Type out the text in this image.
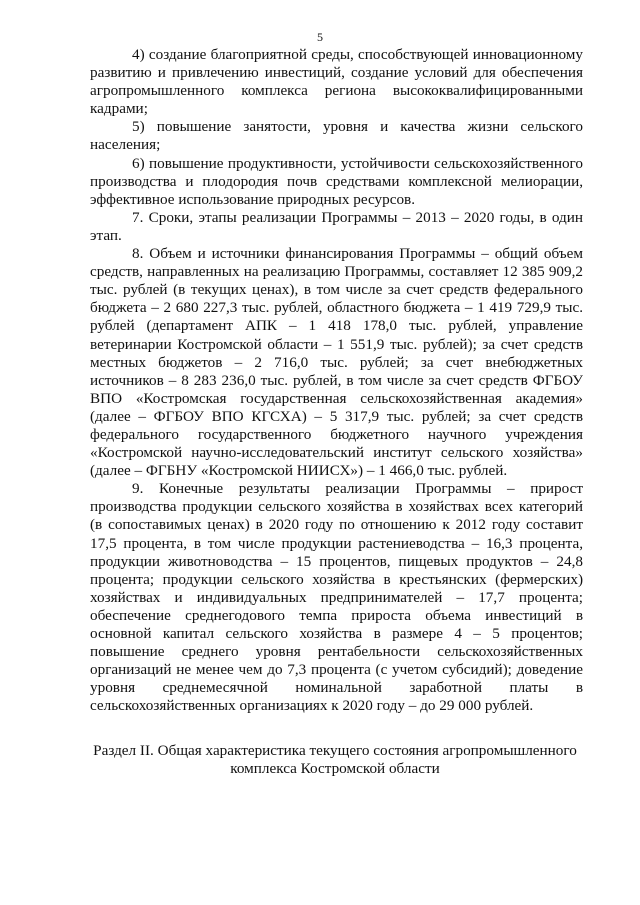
5

4) создание благоприятной среды, способствующей инновационному развитию и привлечению инвестиций, создание условий для обеспечения агропромышленного комплекса региона высококвалифицированными кадрами;

5) повышение занятости, уровня и качества жизни сельского населения;

6) повышение продуктивности, устойчивости сельскохозяйственного производства и плодородия почв средствами комплексной мелиорации, эффективное использование природных ресурсов.

7. Сроки, этапы реализации Программы – 2013 – 2020 годы, в один этап.

8. Объем и источники финансирования Программы – общий объем средств, направленных на реализацию Программы, составляет 12 385 909,2 тыс. рублей (в текущих ценах), в том числе за счет средств федерального бюджета – 2 680 227,3 тыс. рублей, областного бюджета – 1 419 729,9 тыс. рублей (департамент АПК – 1 418 178,0 тыс. рублей, управление ветеринарии Костромской области – 1 551,9 тыс. рублей); за счет средств местных бюджетов – 2 716,0 тыс. рублей; за счет внебюджетных источников – 8 283 236,0 тыс. рублей, в том числе за счет средств ФГБОУ ВПО «Костромская государственная сельскохозяйственная академия» (далее – ФГБОУ ВПО КГСХА) – 5 317,9 тыс. рублей; за счет средств федерального государственного бюджетного научного учреждения «Костромской научно-исследовательский институт сельского хозяйства» (далее – ФГБНУ «Костромской НИИСХ») – 1 466,0 тыс. рублей.

9. Конечные результаты реализации Программы – прирост производства продукции сельского хозяйства в хозяйствах всех категорий (в сопоставимых ценах) в 2020 году по отношению к 2012 году составит 17,5 процента, в том числе продукции растениеводства – 16,3 процента, продукции животноводства – 15 процентов, пищевых продуктов – 24,8 процента; продукции сельского хозяйства в крестьянских (фермерских) хозяйствах и индивидуальных предпринимателей – 17,7 процента; обеспечение среднегодового темпа прироста объема инвестиций в основной капитал сельского хозяйства в размере 4 – 5 процентов; повышение среднего уровня рентабельности сельскохозяйственных организаций не менее чем до 7,3 процента (с учетом субсидий); доведение уровня среднемесячной номинальной заработной платы в сельскохозяйственных организациях к 2020 году – до 29 000 рублей.

Раздел II. Общая характеристика текущего состояния агропромышленного
комплекса Костромской области
